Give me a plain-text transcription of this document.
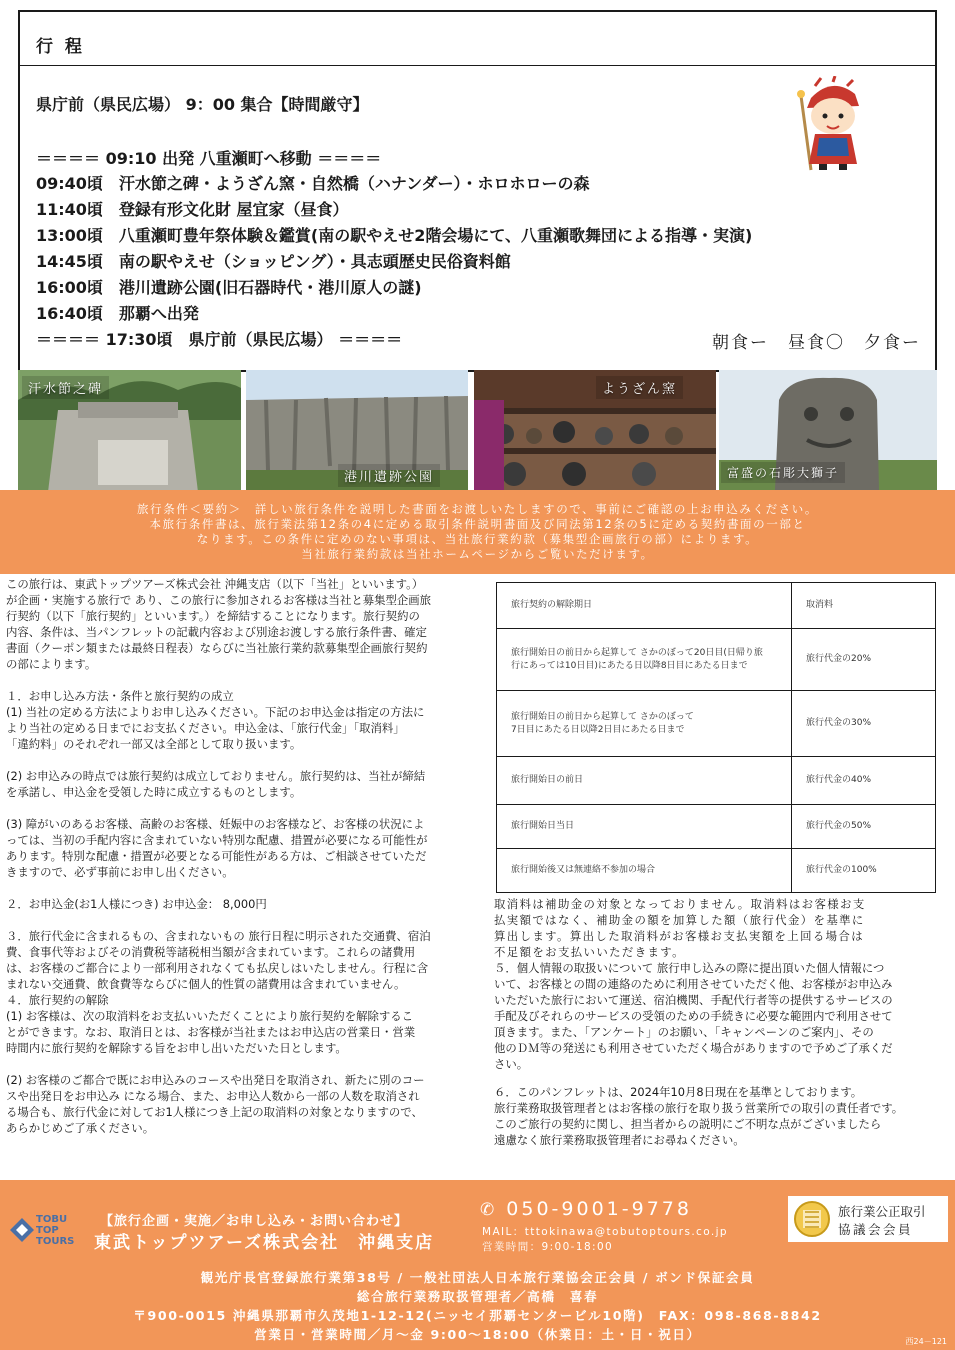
行 程
県庁前（県民広場） 9：00 集合【時間厳守】
＝＝＝＝ 09:10 出発 八重瀬町へ移動 ＝＝＝＝
09:40頃　汗水節之碑・ようざん窯・自然橋（ハナンダー）・ホロホローの森
11:40頃　登録有形文化財 屋宜家（昼食）
13:00頃　八重瀬町豊年祭体験＆鑑賞(南の駅やえせ2階会場にて、八重瀬歌舞団による指導・実演)
14:45頃　南の駅やえせ（ショッピング）・具志頭歴史民俗資料館
16:00頃　港川遺跡公園(旧石器時代・港川原人の謎)
16:40頃　那覇へ出発
＝＝＝＝ 17:30頃　県庁前（県民広場） ＝＝＝＝	朝食ー　昼食〇　夕食ー
汗水節之碑
港川遺跡公園
ようざん窯
富盛の石彫大獅子
旅行条件＜要約＞　詳しい旅行条件を説明した書面をお渡しいたしますので、事前にご確認の上お申込みください。
本旅行条件書は、旅行業法第12条の4に定める取引条件説明書面及び同法第12条の5に定める契約書面の一部と
なります。この条件に定めのない事項は、当社旅行業約款（募集型企画旅行の部）によります。
当社旅行業約款は当社ホームページからご覧いただけます。

この旅行は、東武トップツアーズ株式会社 沖縄支店（以下「当社」といいます。）

が企画・実施する旅行で あり、この旅行に参加されるお客様は当社と募集型企画旅

行契約（以下「旅行契約」といいます。）を締結することになります。旅行契約の

内容、条件は、当パンフレットの記載内容および別途お渡しする旅行条件書、確定

書面（クーポン類または最終日程表）ならびに当社旅行業約款募集型企画旅行契約

の部によります。

１．お申し込み方法・条件と旅行契約の成立

(1) 当社の定める方法によりお申し込みください。下記のお申込金は指定の方法に

より当社の定める日までにお支払ください。申込金は、「旅行代金」「取消料」

「違約料」のそれぞれ一部又は全部として取り扱います。

(2) お申込みの時点では旅行契約は成立しておりません。旅行契約は、当社が締結

を承諾し、申込金を受領した時に成立するものとします。

(3) 障がいのあるお客様、高齢のお客様、妊娠中のお客様など、お客様の状況によ

っては、当初の手配内容に含まれていない特別な配慮、措置が必要になる可能性が

あります。特別な配慮・措置が必要となる可能性がある方は、ご相談させていただ

きますので、必ず事前にお申し出ください。

２．お申込金(お1人様につき) お申込金： 8,000円

３．旅行代金に含まれるもの、含まれないもの 旅行日程に明示された交通費、宿泊

費、食事代等およびその消費税等諸税相当額が含まれています。これらの諸費用

は、お客様のご都合により一部利用されなくても払戻しはいたしません。行程に含

まれない交通費、飲食費等ならびに個人的性質の諸費用は含まれていません。

４．旅行契約の解除

(1) お客様は、次の取消料をお支払いいただくことにより旅行契約を解除するこ

とができます。なお、取消日とは、お客様が当社またはお申込店の営業日・営業

時間内に旅行契約を解除する旨をお申し出いただいた日とします。

(2) お客様のご都合で既にお申込みのコースや出発日を取消され、新たに別のコー

スや出発日をお申込み になる場合、また、お申込人数から一部の人数を取消され

る場合も、旅行代金に対してお1人様につき上記の取消料の対象となりますので、

あらかじめご了承ください。

旅行契約の解除期日	取消料

旅行開始日の前日から起算して さかのぼって20日目(日帰り旅
行にあっては10日目)にあたる日以降8日目にあたる日まで	旅行代金の20%

旅行開始日の前日から起算して さかのぼって
7日目にあたる日以降2日目にあたる日まで	旅行代金の30%
旅行開始日の前日	旅行代金の40%
旅行開始日当日	旅行代金の50%
旅行開始後又は無連絡不参加の場合	旅行代金の100%

取消料は補助金の対象となっておりません。取消料はお客様お支

払実額ではなく、補助金の額を加算した額（旅行代金）を基準に

算出します。算出した取消料がお客様お支払実額を上回る場合は

不足額をお支払いいただきます。

５．個人情報の取扱いについて 旅行申し込みの際に提出頂いた個人情報につ

いて、お客様との間の連絡のために利用させていただく他、お客様がお申込み

いただいた旅行において運送、宿泊機関、手配代行者等の提供するサービスの

手配及びそれらのサービスの受領のための手続きに必要な範囲内で利用させて

頂きます。また、「アンケート」のお願い、「キャンペーンのご案内」、その

他のＤＭ等の発送にも利用させていただく場合がありますので予めご了承くだ

さい。

６．このパンフレットは、2024年10月8日現在を基準としております。

旅行業務取扱管理者とはお客様の旅行を取り扱う営業所での取引の責任者です。

このご旅行の契約に関し、担当者からの説明にご不明な点がございましたら

遠慮なく旅行業務取扱管理者にお尋ねください。

TOBU TOP TOURS
【旅行企画・実施／お申し込み・お問い合わせ】
東武トップツアーズ株式会社　沖縄支店
✆ 050-9001-9778
MAIL：tttokinawa@tobutoptours.co.jp
営業時間：9:00-18:00
旅行業公正取引
協議会会員
観光庁長官登録旅行業第38号 / 一般社団法人日本旅行業協会正会員 / ボンド保証会員
総合旅行業務取扱管理者／高橋　喜春
〒900-0015 沖縄県那覇市久茂地1-12-12(ニッセイ那覇センタービル10階)　FAX：098-868-8842
営業日・営業時間／月～金 9:00～18:00（休業日：土・日・祝日）	西24－121
